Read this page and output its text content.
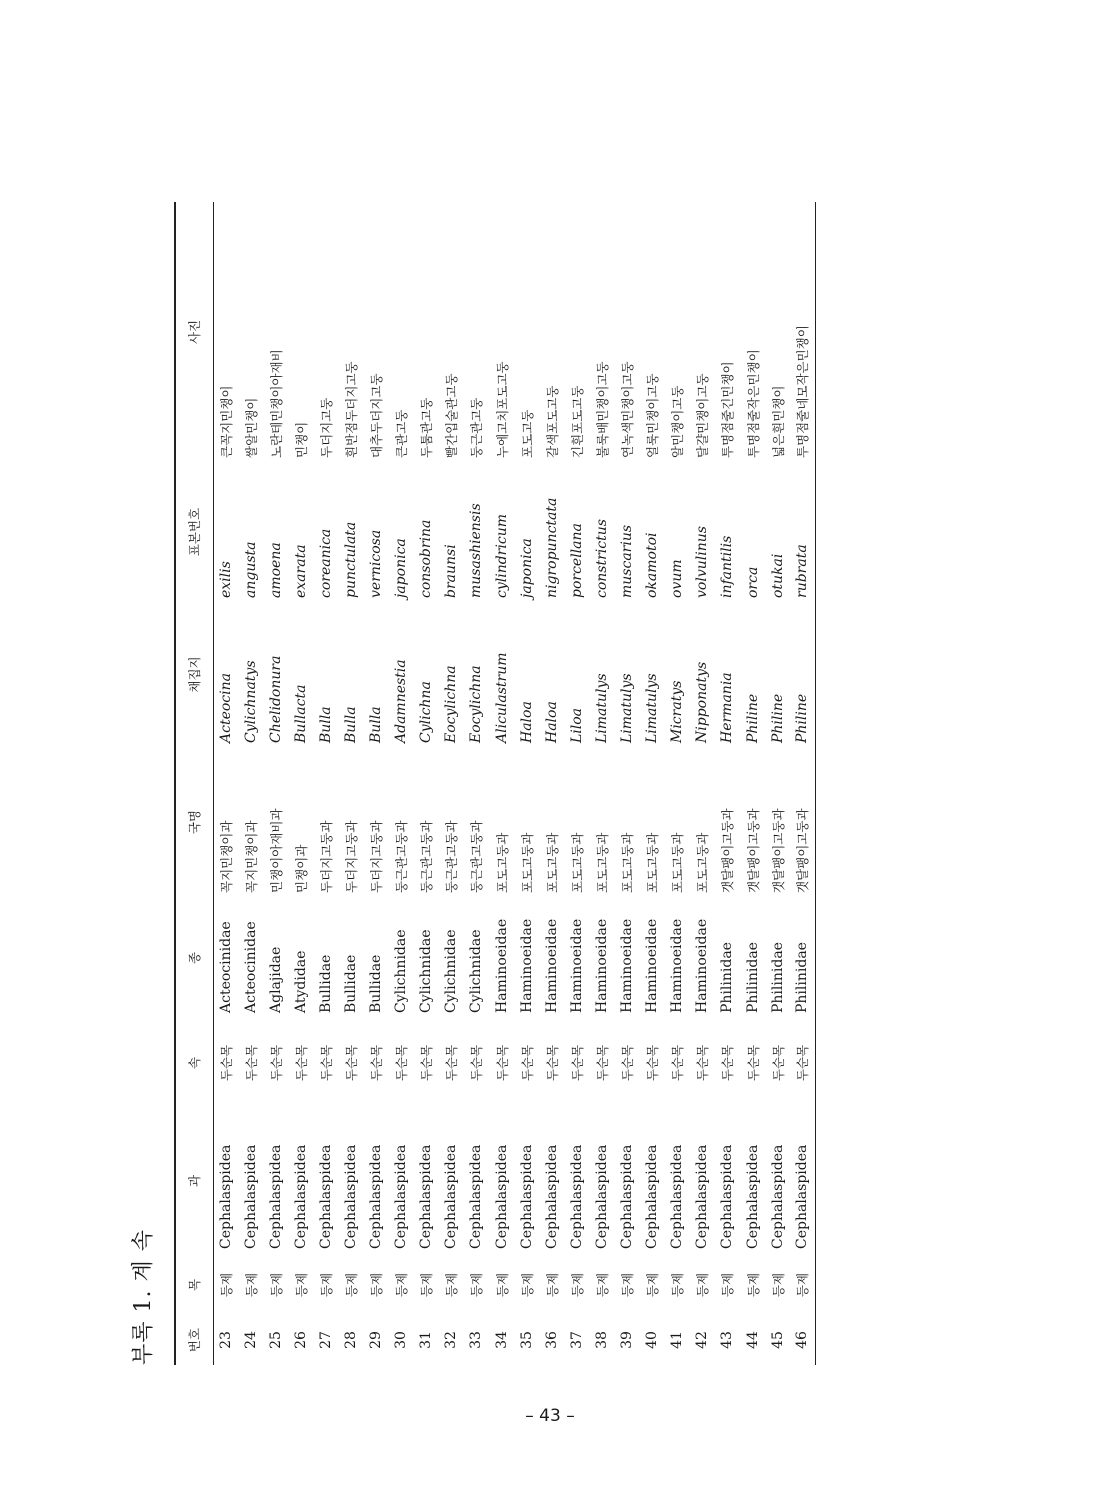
부록 1. 계 속	번호	목	과	속	종	국명	채집지	표본번호	사진
23	등제	Cephalaspidea	두순목	Acteocinidae	꼭지민챙이과	Acteocina	exilis	큰꼭지민챙이
24	등제	Cephalaspidea	두순목	Acteocinidae	꼭지민챙이과	Cylichnatys	angusta	쌀알민챙이
25	등제	Cephalaspidea	두순목	Aglajidae	민챙이아재비과	Chelidonura	amoena	노란테민챙이아재비
26	등제	Cephalaspidea	두순목	Atydidae	민챙이과	Bullacta	exarata	민챙이
27	등제	Cephalaspidea	두순목	Bullidae	두더지고둥과	Bulla	coreanica	두더지고둥
28	등제	Cephalaspidea	두순목	Bullidae	두더지고둥과	Bulla	punctulata	흰반점두더지고둥
29	등제	Cephalaspidea	두순목	Bullidae	두더지고둥과	Bulla	vernicosa	대추두더지고둥
30	등제	Cephalaspidea	두순목	Cylichnidae	둥근관고둥과	Adamnestia	japonica	큰관고둥
31	등제	Cephalaspidea	두순목	Cylichnidae	둥근관고둥과	Cylichna	consobrina	두툼관고둥
32	등제	Cephalaspidea	두순목	Cylichnidae	둥근관고둥과	Eocylichna	braunsi	빨간입술관고둥
33	등제	Cephalaspidea	두순목	Cylichnidae	둥근관고둥과	Eocylichna	musashiensis	둥근관고둥
34	등제	Cephalaspidea	두순목	Haminoeidae	포도고둥과	Aliculastrum	cylindricum	누에고치포도고둥
35	등제	Cephalaspidea	두순목	Haminoeidae	포도고둥과	Haloa	japonica	포도고둥
36	등제	Cephalaspidea	두순목	Haminoeidae	포도고둥과	Haloa	nigropunctata	갈색포도고둥
37	등제	Cephalaspidea	두순목	Haminoeidae	포도고둥과	Liloa	porcellana	긴흰포도고둥
38	등제	Cephalaspidea	두순목	Haminoeidae	포도고둥과	Limatulys	constrictus	불룩배민챙이고둥
39	등제	Cephalaspidea	두순목	Haminoeidae	포도고둥과	Limatulys	muscarius	연녹색민챙이고둥
40	등제	Cephalaspidea	두순목	Haminoeidae	포도고둥과	Limatulys	okamotoi	얼룩민챙이고둥
41	등제	Cephalaspidea	두순목	Haminoeidae	포도고둥과	Micratys	ovum	알민챙이고둥
42	등제	Cephalaspidea	두순목	Haminoeidae	포도고둥과	Nipponatys	volvulinus	달걀민챙이고둥
43	등제	Cephalaspidea	두순목	Philinidae	갯달팽이고둥과	Hermania	infantilis	투명점줄긴민챙이
44	등제	Cephalaspidea	두순목	Philinidae	갯달팽이고둥과	Philine	orca	투명점줄작은민챙이
45	등제	Cephalaspidea	두순목	Philinidae	갯달팽이고둥과	Philine	otukai	넓은흰민챙이
46	등제	Cephalaspidea	두순목	Philinidae	갯달팽이고둥과	Philine	rubrata	투명점줄네모작은민챙이
– 43 –
